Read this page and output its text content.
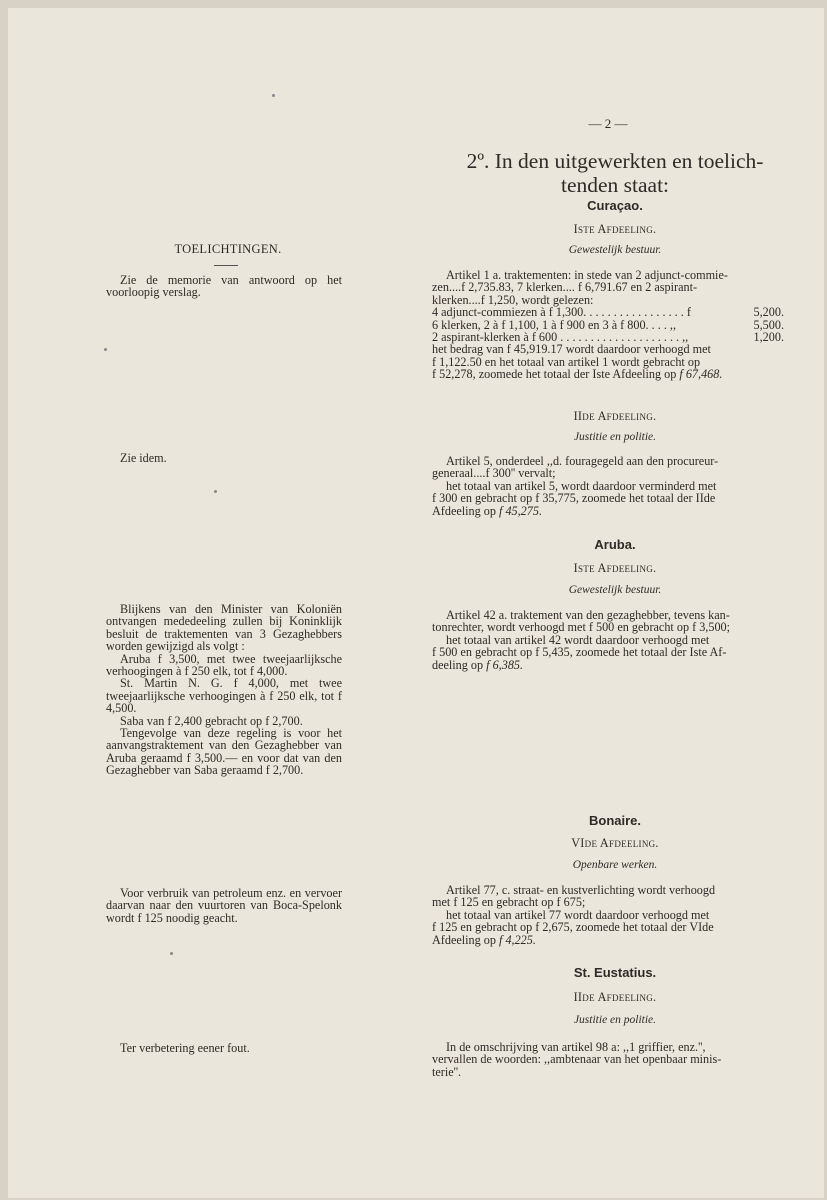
— 2 —
2º. In den uitgewerkten en toelich-
tenden staat:
TOELICHTINGEN.

Zie de memorie van antwoord op het voorloopig verslag.

Zie idem.

Blijkens van den Minister van Koloniën ontvangen mededeeling zullen bij Koninklijk besluit de traktementen van 3 Gezaghebbers worden gewijzigd als volgt :

Aruba f 3,500, met twee tweejaarlijksche verhoogingen à f 250 elk, tot f 4,000.

St. Martin N. G. f 4,000, met twee tweejaarlijksche verhoogingen à f 250 elk, tot f 4,500.

Saba van f 2,400 gebracht op f 2,700.

Tengevolge van deze regeling is voor het aanvangstraktement van den Gezaghebber van Aruba geraamd f 3,500.— en voor dat van den Gezaghebber van Saba geraamd f 2,700.

Voor verbruik van petroleum enz. en vervoer daarvan naar den vuurtoren van Boca-Spelonk wordt f 125 noodig geacht.

Ter verbetering eener fout.

Curaçao.
Iste Afdeeling.
Gewestelijk bestuur.
Artikel 1 a. traktementen: in stede van 2 adjunct-commie-
zen....f 2,735.83, 7 klerken.... f 6,791.67 en 2 aspirant-
klerken....f 1,250, wordt gelezen:
4 adjunct-commiezen à f 1,300. . . . . . . . . . . . . . . . . f	5,200.
6 klerken, 2 à f 1,100, 1 à f 900 en 3 à f 800. . . . ,,	5,500.
2 aspirant-klerken à f 600 . . . . . . . . . . . . . . . . . . . . ,,	1,200.
het bedrag van f 45,919.17 wordt daardoor verhoogd met
f 1,122.50 en het totaal van artikel 1 wordt gebracht op
f 52,278, zoomede het totaal der Iste Afdeeling op f 67,468.
IIde Afdeeling.
Justitie en politie.
Artikel 5, onderdeel ,,d. fouragegeld aan den procureur-
generaal....f 300'' vervalt;
het totaal van artikel 5, wordt daardoor verminderd met
f 300 en gebracht op f 35,775, zoomede het totaal der IIde
Afdeeling op f 45,275.
Aruba.
Iste Afdeeling.
Gewestelijk bestuur.
Artikel 42 a. traktement van den gezaghebber, tevens kan-
tonrechter, wordt verhoogd met f 500 en gebracht op f 3,500;
het totaal van artikel 42 wordt daardoor verhoogd met
f 500 en gebracht op f 5,435, zoomede het totaal der Iste Af-
deeling op f 6,385.
Bonaire.
VIde Afdeeling.
Openbare werken.
Artikel 77, c. straat- en kustverlichting wordt verhoogd
met f 125 en gebracht op f 675;
het totaal van artikel 77 wordt daardoor verhoogd met
f 125 en gebracht op f 2,675, zoomede het totaal der VIde
Afdeeling op f 4,225.
St. Eustatius.
IIde Afdeeling.
Justitie en politie.
In de omschrijving van artikel 98 a: ,,1 griffier, enz.'',
vervallen de woorden: ,,ambtenaar van het openbaar minis-
terie''.
